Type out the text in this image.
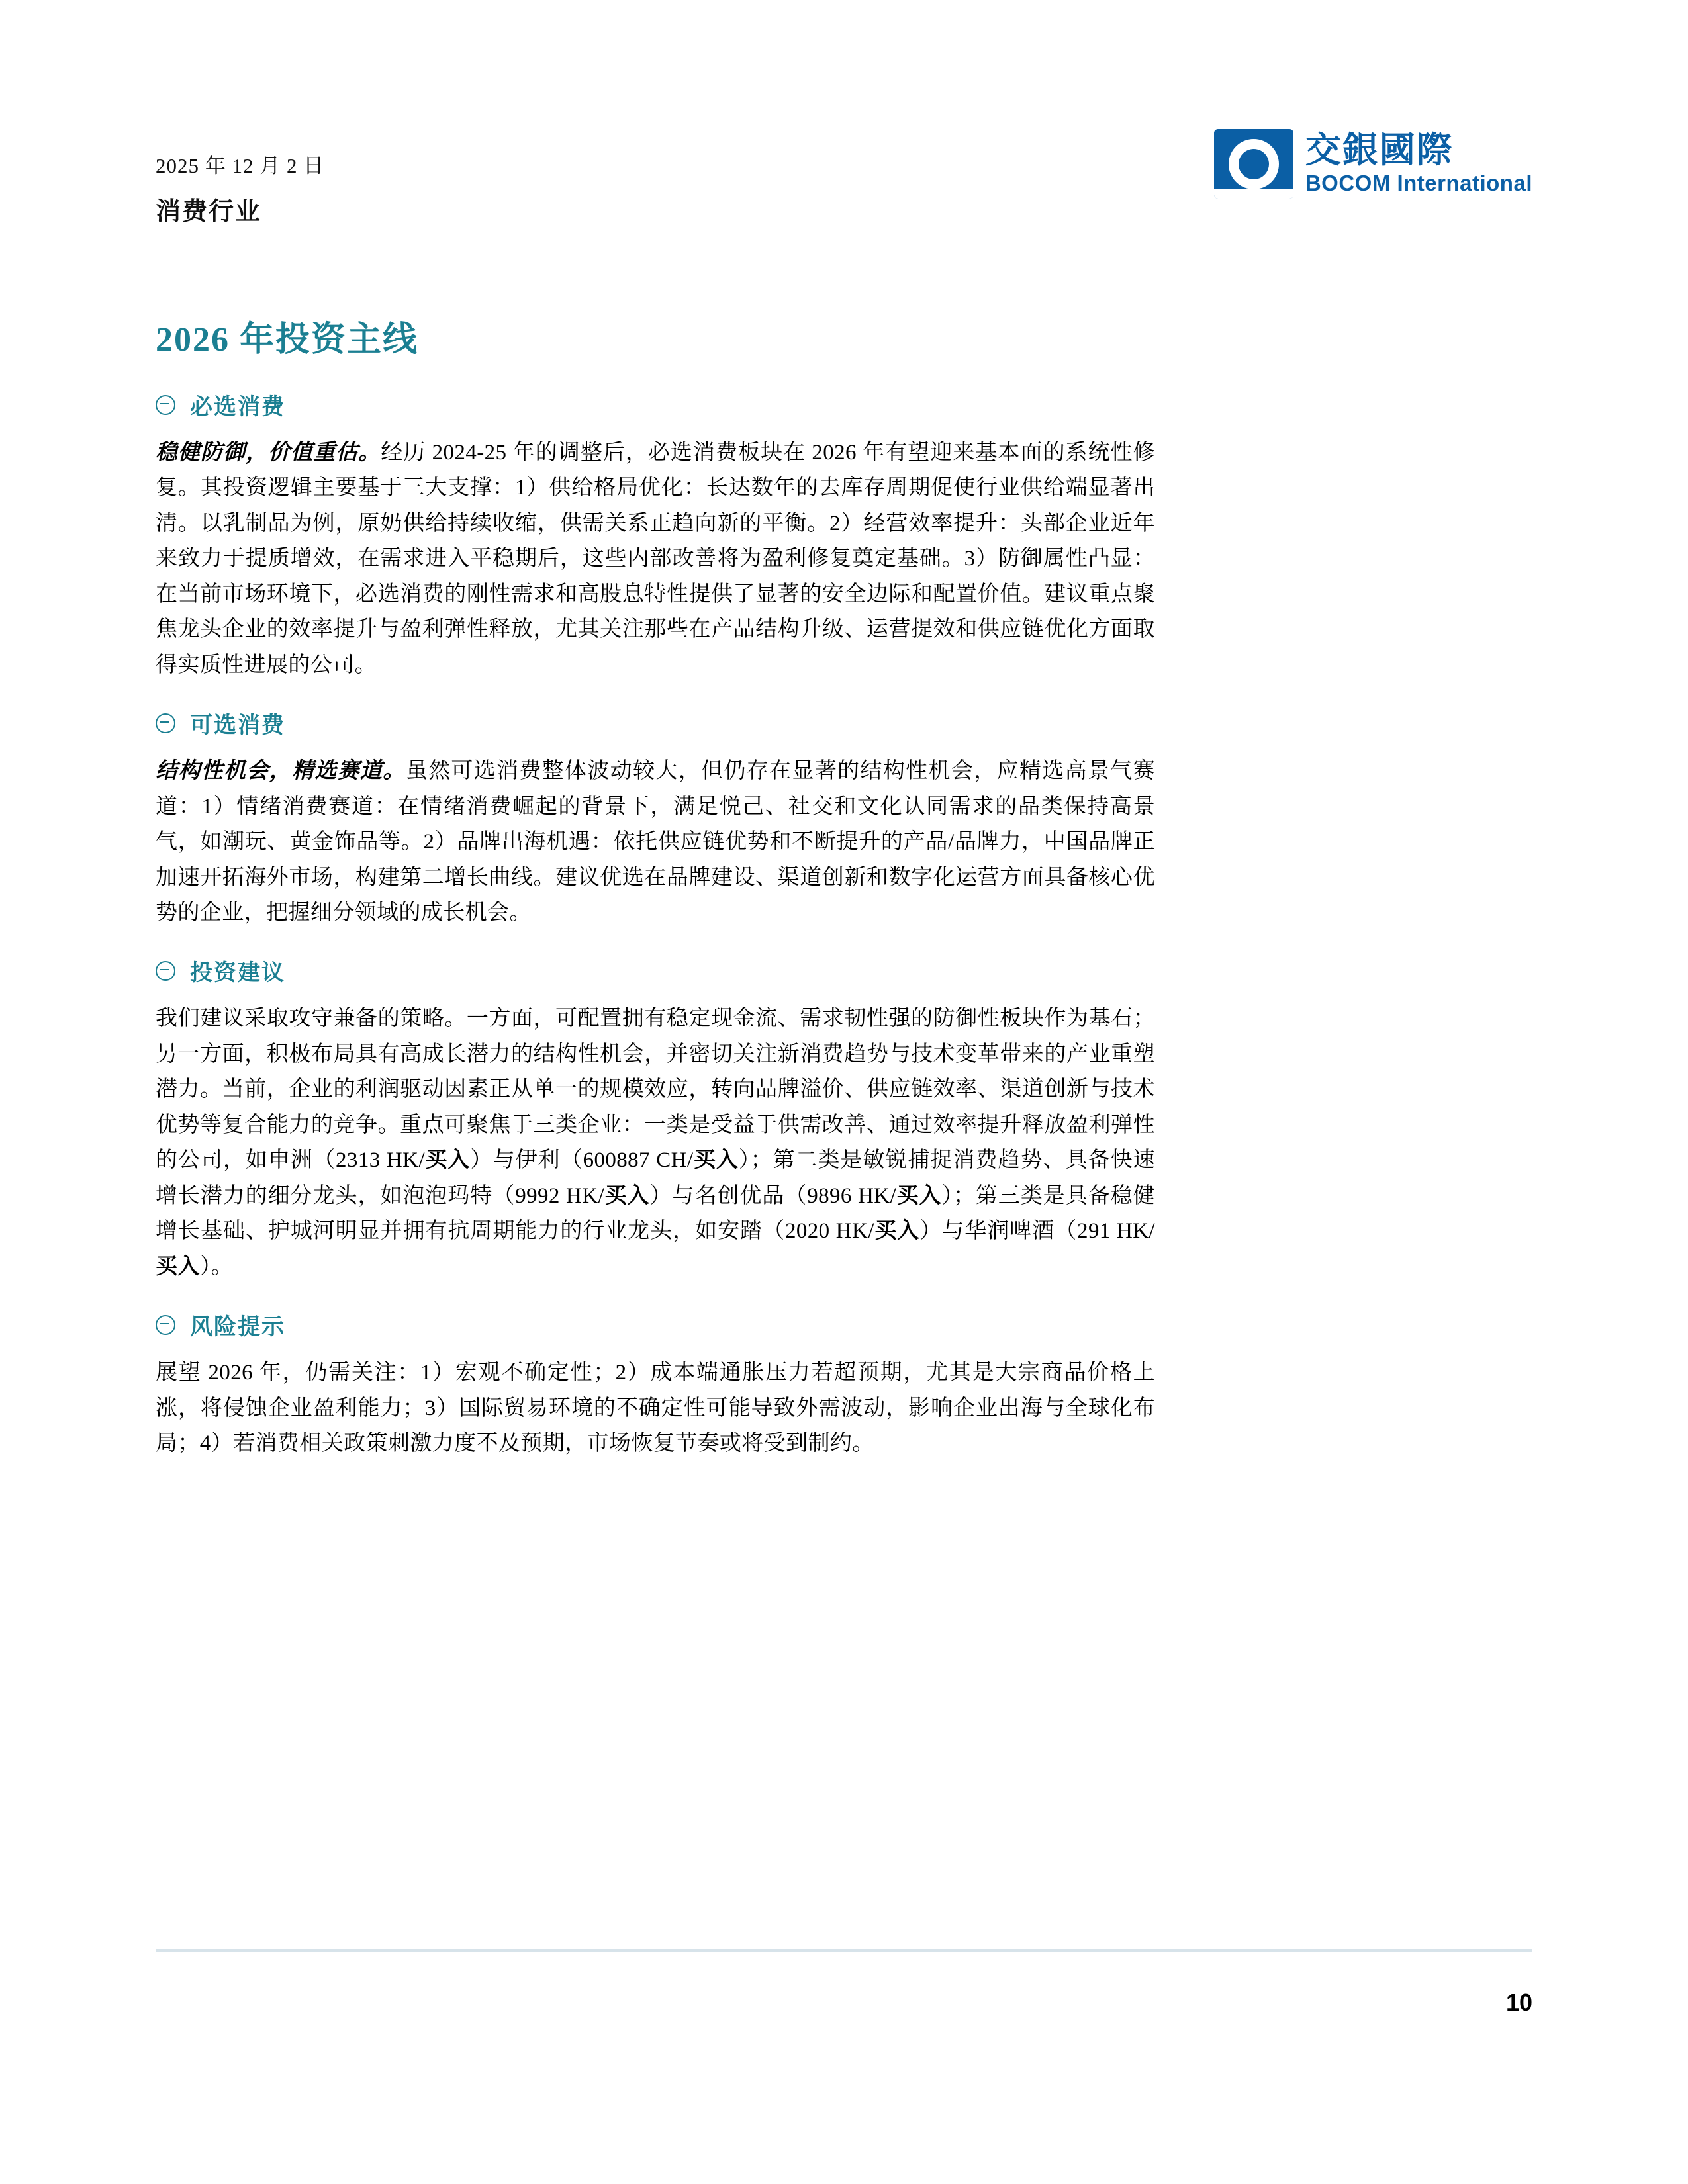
2025 年 12 月 2 日
消费行业
交銀國際
BOCOM International
2026 年投资主线
必选消费

稳健防御，价值重估。经历 2024-25 年的调整后，必选消费板块在 2026 年有望迎来基本面的系统性修复。其投资逻辑主要基于三大支撑：1）供给格局优化：长达数年的去库存周期促使行业供给端显著出清。以乳制品为例，原奶供给持续收缩，供需关系正趋向新的平衡。2）经营效率提升：头部企业近年来致力于提质增效，在需求进入平稳期后，这些内部改善将为盈利修复奠定基础。3）防御属性凸显：在当前市场环境下，必选消费的刚性需求和高股息特性提供了显著的安全边际和配置价值。建议重点聚焦龙头企业的效率提升与盈利弹性释放，尤其关注那些在产品结构升级、运营提效和供应链优化方面取得实质性进展的公司。

可选消费

结构性机会，精选赛道。虽然可选消费整体波动较大，但仍存在显著的结构性机会，应精选高景气赛道：1）情绪消费赛道：在情绪消费崛起的背景下，满足悦己、社交和文化认同需求的品类保持高景气，如潮玩、黄金饰品等。2）品牌出海机遇：依托供应链优势和不断提升的产品/品牌力，中国品牌正加速开拓海外市场，构建第二增长曲线。建议优选在品牌建设、渠道创新和数字化运营方面具备核心优势的企业，把握细分领域的成长机会。

投资建议

我们建议采取攻守兼备的策略。一方面，可配置拥有稳定现金流、需求韧性强的防御性板块作为基石；另一方面，积极布局具有高成长潜力的结构性机会，并密切关注新消费趋势与技术变革带来的产业重塑潜力。当前，企业的利润驱动因素正从单一的规模效应，转向品牌溢价、供应链效率、渠道创新与技术优势等复合能力的竞争。重点可聚焦于三类企业：一类是受益于供需改善、通过效率提升释放盈利弹性的公司，如申洲（2313 HK/买入）与伊利（600887 CH/买入）；第二类是敏锐捕捉消费趋势、具备快速增长潜力的细分龙头，如泡泡玛特（9992 HK/买入）与名创优品（9896 HK/买入）；第三类是具备稳健增长基础、护城河明显并拥有抗周期能力的行业龙头，如安踏（2020 HK/买入）与华润啤酒（291 HK/买入）。

风险提示

展望 2026 年，仍需关注：1）宏观不确定性；2）成本端通胀压力若超预期，尤其是大宗商品价格上涨，将侵蚀企业盈利能力；3）国际贸易环境的不确定性可能导致外需波动，影响企业出海与全球化布局；4）若消费相关政策刺激力度不及预期，市场恢复节奏或将受到制约。

10
